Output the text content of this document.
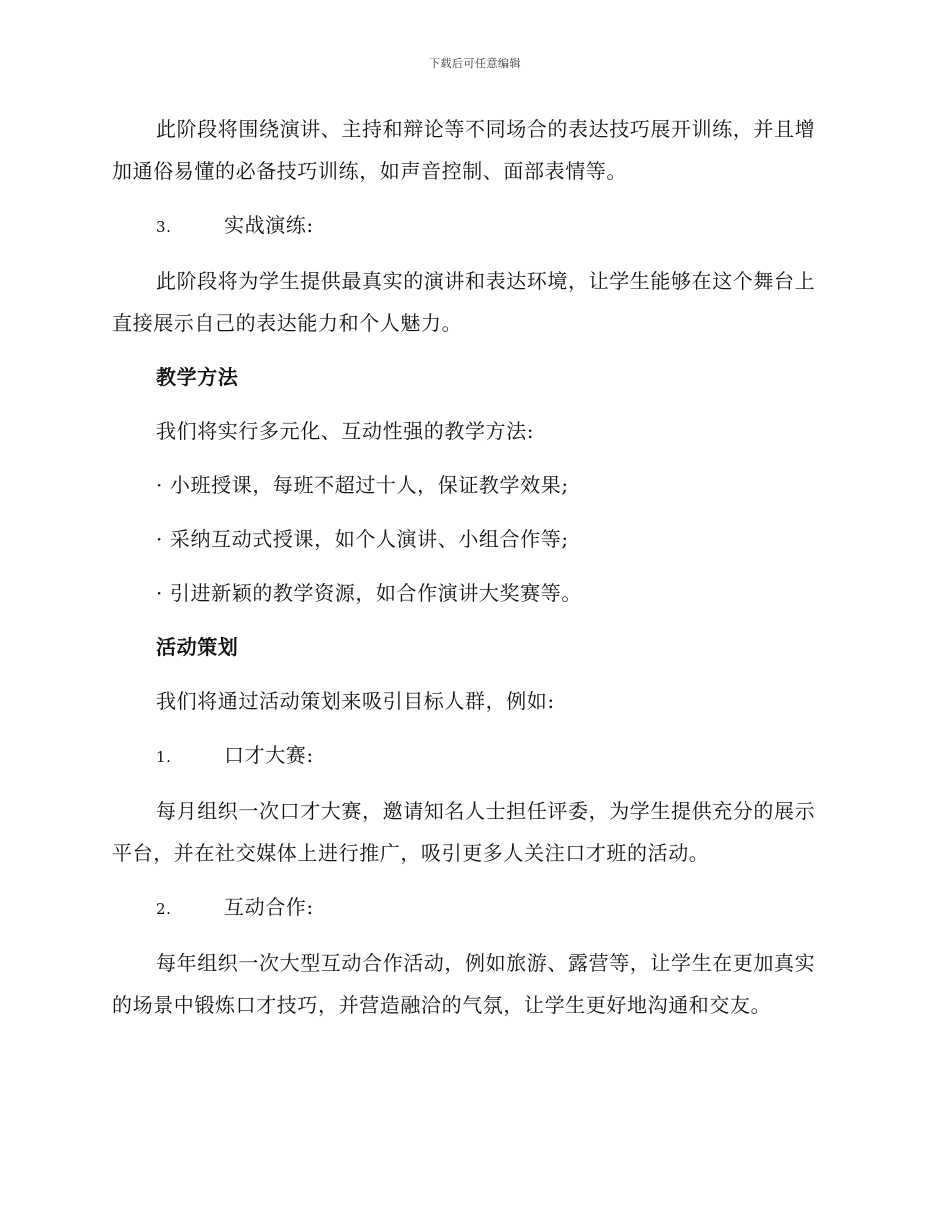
下载后可任意编辑

此阶段将围绕演讲、主持和辩论等不同场合的表达技巧展开训练，并且增加通俗易懂的必备技巧训练，如声音控制、面部表情等。

3.	实战演练:

此阶段将为学生提供最真实的演讲和表达环境，让学生能够在这个舞台上直接展示自己的表达能力和个人魅力。

教学方法

我们将实行多元化、互动性强的教学方法:

· 小班授课，每班不超过十人，保证教学效果;
· 采纳互动式授课，如个人演讲、小组合作等;
· 引进新颖的教学资源，如合作演讲大奖赛等。
活动策划

我们将通过活动策划来吸引目标人群，例如:

1.	口才大赛:

每月组织一次口才大赛，邀请知名人士担任评委，为学生提供充分的展示平台，并在社交媒体上进行推广，吸引更多人关注口才班的活动。

2.	互动合作:

每年组织一次大型互动合作活动，例如旅游、露营等，让学生在更加真实的场景中锻炼口才技巧，并营造融洽的气氛，让学生更好地沟通和交友。
